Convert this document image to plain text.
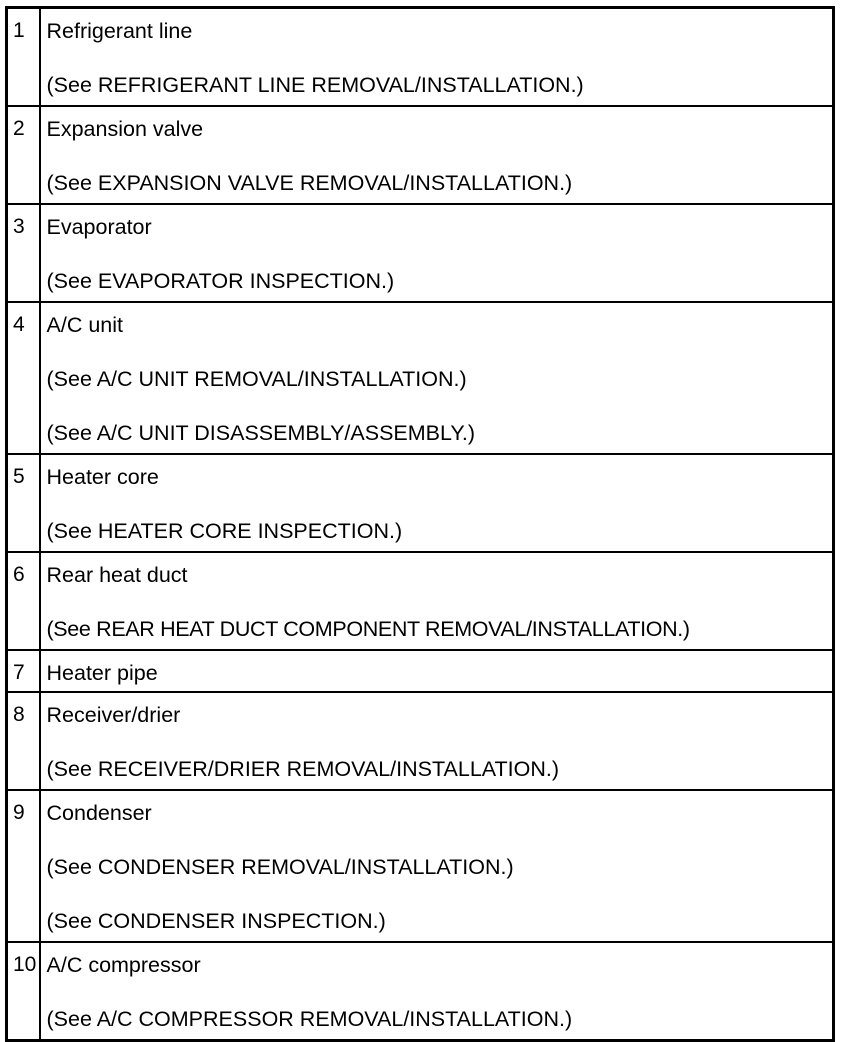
1	Refrigerant line
(See REFRIGERANT LINE REMOVAL/INSTALLATION.)

2	Expansion valve
(See EXPANSION VALVE REMOVAL/INSTALLATION.)

3	Evaporator
(See EVAPORATOR INSPECTION.)

4	A/C unit
(See A/C UNIT REMOVAL/INSTALLATION.)
(See A/C UNIT DISASSEMBLY/ASSEMBLY.)

5	Heater core
(See HEATER CORE INSPECTION.)

6	Rear heat duct
(See REAR HEAT DUCT COMPONENT REMOVAL/INSTALLATION.)

7	Heater pipe

8	Receiver/drier
(See RECEIVER/DRIER REMOVAL/INSTALLATION.)

9	Condenser
(See CONDENSER REMOVAL/INSTALLATION.)
(See CONDENSER INSPECTION.)

10	A/C compressor
(See A/C COMPRESSOR REMOVAL/INSTALLATION.)
